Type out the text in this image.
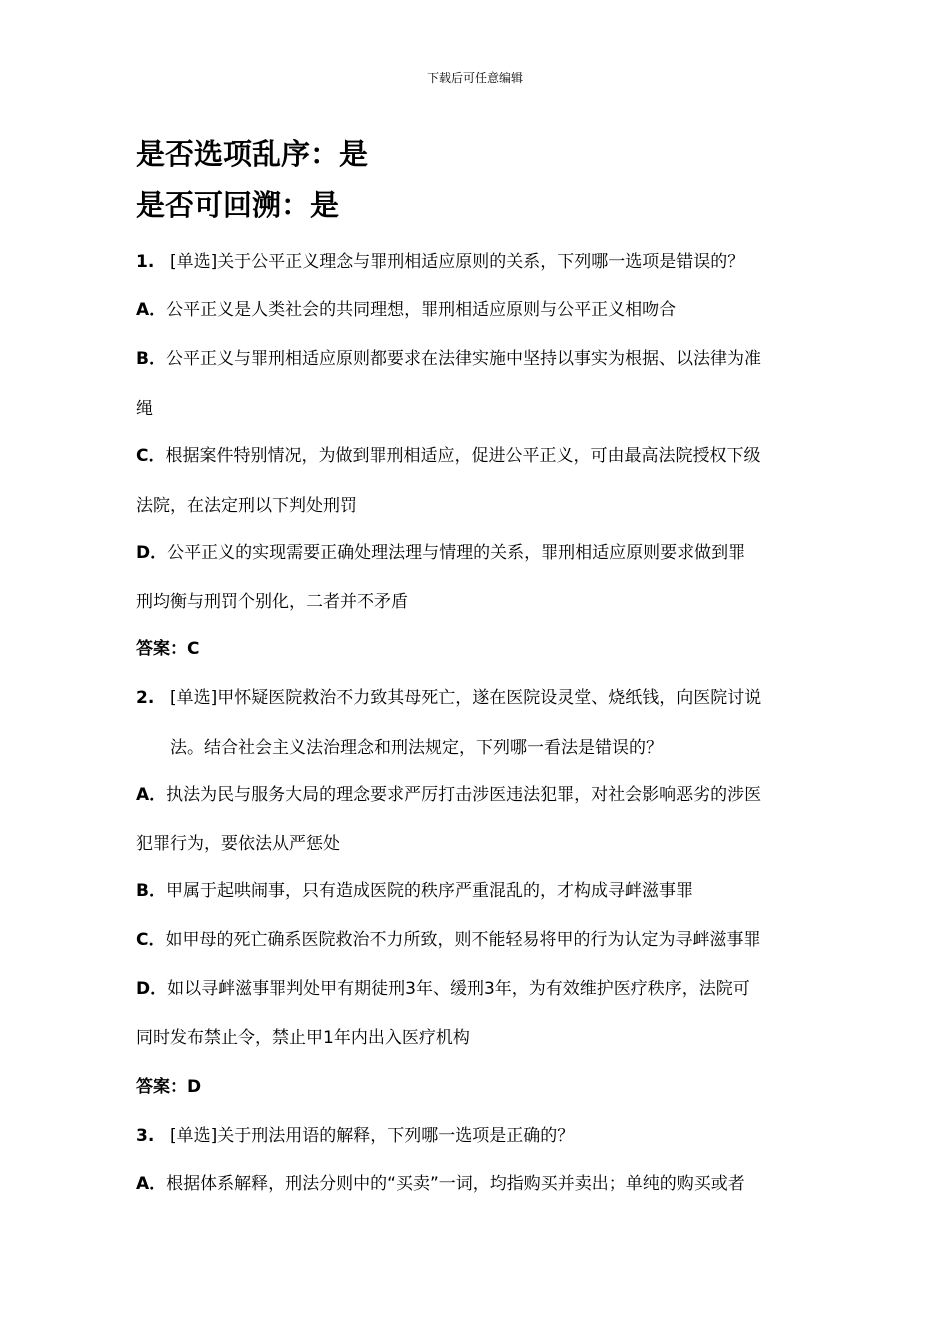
下载后可任意编辑
是否选项乱序：是
是否可回溯：是
1. [单选]关于公平正义理念与罪刑相适应原则的关系，下列哪一选项是错误的？
A．公平正义是人类社会的共同理想，罪刑相适应原则与公平正义相吻合
B．公平正义与罪刑相适应原则都要求在法律实施中坚持以事实为根据、以法律为准
绳
C．根据案件特别情况，为做到罪刑相适应，促进公平正义，可由最高法院授权下级
法院，在法定刑以下判处刑罚
D．公平正义的实现需要正确处理法理与情理的关系，罪刑相适应原则要求做到罪
刑均衡与刑罚个别化，二者并不矛盾
答案：C
2. [单选]甲怀疑医院救治不力致其母死亡，遂在医院设灵堂、烧纸钱，向医院讨说
法。结合社会主义法治理念和刑法规定，下列哪一看法是错误的？
A．执法为民与服务大局的理念要求严厉打击涉医违法犯罪，对社会影响恶劣的涉医
犯罪行为，要依法从严惩处
B．甲属于起哄闹事，只有造成医院的秩序严重混乱的，才构成寻衅滋事罪
C．如甲母的死亡确系医院救治不力所致，则不能轻易将甲的行为认定为寻衅滋事罪
D．如以寻衅滋事罪判处甲有期徒刑3年、缓刑3年，为有效维护医疗秩序，法院可
同时发布禁止令，禁止甲1年内出入医疗机构
答案：D
3. [单选]关于刑法用语的解释，下列哪一选项是正确的？
A．根据体系解释，刑法分则中的“买卖”一词，均指购买并卖出；单纯的购买或者
